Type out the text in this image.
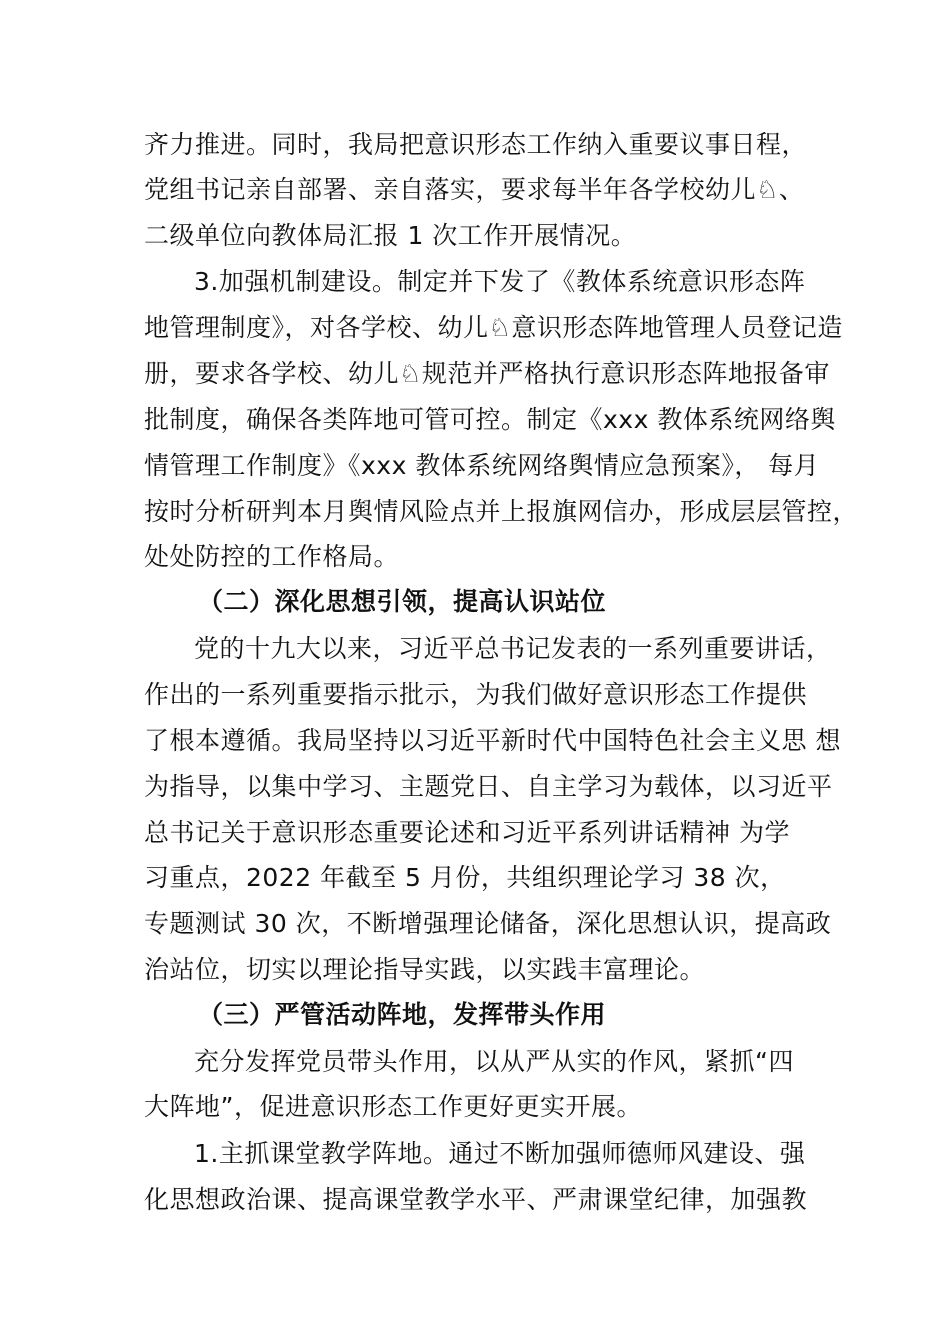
齐力推进。同时，我局把意识形态工作纳入重要议事日程，
党组书记亲自部署、亲自落实，要求每半年各学校幼儿♘、
二级单位向教体局汇报 1 次工作开展情况。
3.加强机制建设。制定并下发了《教体系统意识形态阵
地管理制度》，对各学校、幼儿♘意识形态阵地管理人员登记造
册，要求各学校、幼儿♘规范并严格执行意识形态阵地报备审
批制度，确保各类阵地可管可控。制定《xxx 教体系统网络舆
情管理工作制度》《xxx 教体系统网络舆情应急预案》， 每月
按时分析研判本月舆情风险点并上报旗网信办，形成层层管控，
处处防控的工作格局。
（二）深化思想引领，提高认识站位
党的十九大以来，习近平总书记发表的一系列重要讲话，
作出的一系列重要指示批示，为我们做好意识形态工作提供
了根本遵循。我局坚持以习近平新时代中国特色社会主义思 想
为指导，以集中学习、主题党日、自主学习为载体，以习近平
总书记关于意识形态重要论述和习近平系列讲话精神 为学
习重点，2022 年截至 5 月份，共组织理论学习 38 次，
专题测试 30 次，不断增强理论储备，深化思想认识，提高政
治站位，切实以理论指导实践，以实践丰富理论。
（三）严管活动阵地，发挥带头作用
充分发挥党员带头作用，以从严从实的作风，紧抓“四
大阵地”，促进意识形态工作更好更实开展。
1.主抓课堂教学阵地。通过不断加强师德师风建设、强
化思想政治课、提高课堂教学水平、严肃课堂纪律，加强教
